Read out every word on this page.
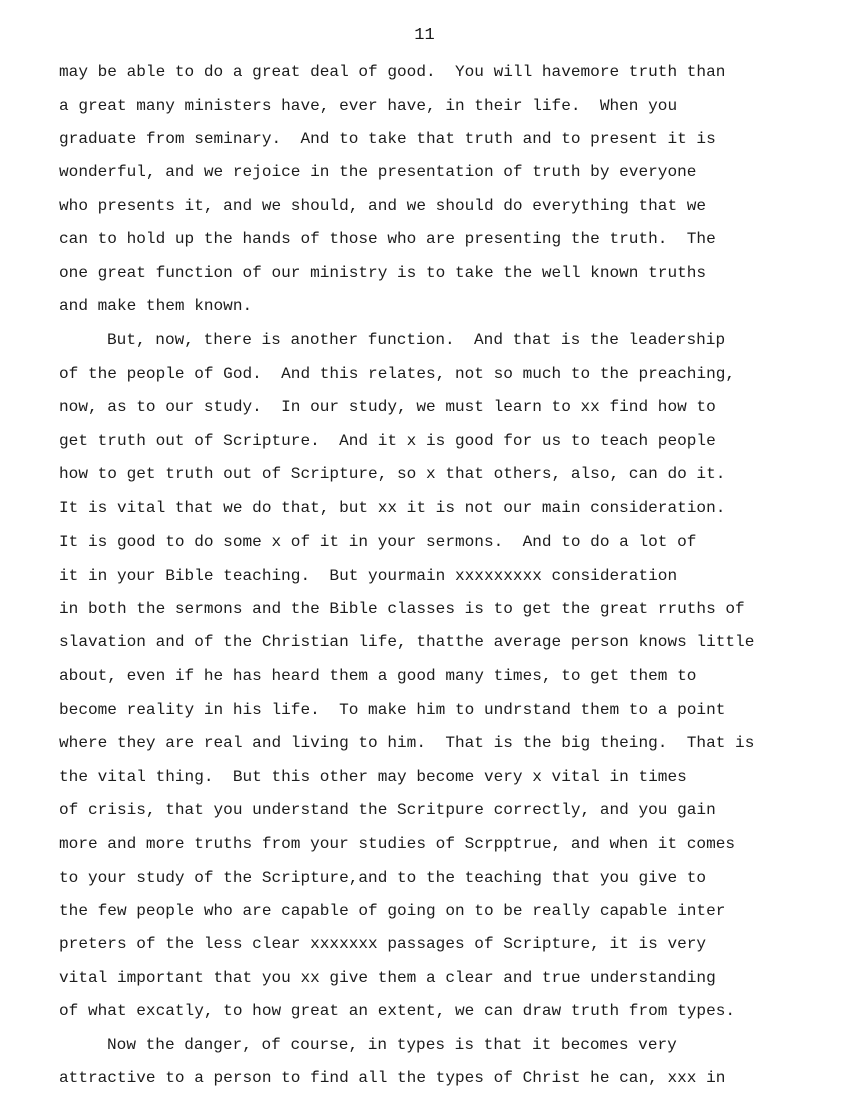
11
may be able to do a great deal of good.  You will havemore truth than
a great many ministers have, ever have, in their life.  When you
graduate from seminary.  And to take that truth and to present it is
wonderful, and we rejoice in the presentation of truth by everyone
who presents it, and we should, and we should do everything that we
can to hold up the hands of those who are presenting the truth.  The
one great function of our ministry is to take the well known truths
and make them known.
But, now, there is another function.  And that is the leadership
of the people of God.  And this relates, not so much to the preaching,
now, as to our study.  In our study, we must learn to xx find how to
get truth out of Scripture.  And it x is good for us to teach people
how to get truth out of Scripture, so x that others, also, can do it.
It is vital that we do that, but xx it is not our main consideration.
It is good to do some x of it in your sermons.  And to do a lot of
it in your Bible teaching.  But yourmain xxxxxxxxx consideration
in both the sermons and the Bible classes is to get the great rruths of
slavation and of the Christian life, thatthe average person knows little
about, even if he has heard them a good many times, to get them to
become reality in his life.  To make him to undrstand them to a point
where they are real and living to him.  That is the big theing.  That is
the vital thing.  But this other may become very x vital in times
of crisis, that you understand the Scritpure correctly, and you gain
more and more truths from your studies of Scrpptrue, and when it comes
to your study of the Scripture,and to the teaching that you give to
the few people who are capable of going on to be really capable inter
preters of the less clear xxxxxxx passages of Scripture, it is very
vital important that you xx give them a clear and true understanding
of what excatly, to how great an extent, we can draw truth from types.
Now the danger, of course, in types is that it becomes very
attractive to a person to find all the types of Christ he can, xxx in
